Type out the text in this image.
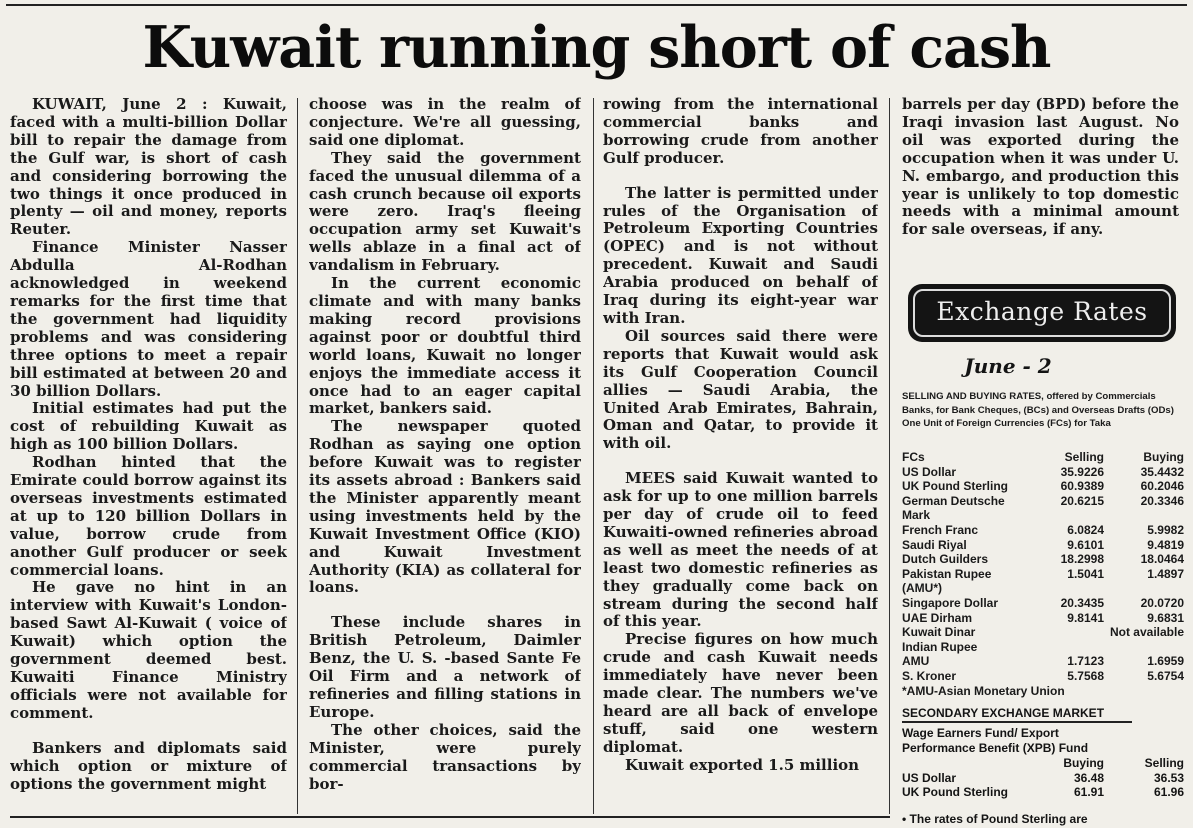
Kuwait running short of cash

KUWAIT, June 2 : Kuwait, faced with a multi-billion Dollar bill to repair the damage from the Gulf war, is short of cash and considering borrowing the two things it once produced in plenty — oil and money, reports Reuter.

Finance Minister Nasser Abdulla Al-Rodhan acknowledged in weekend remarks for the first time that the government had liquidity problems and was considering three options to meet a repair bill estimated at between 20 and 30 billion Dollars.

Initial estimates had put the cost of rebuilding Kuwait as high as 100 billion Dollars.

Rodhan hinted that the Emirate could borrow against its overseas investments estimated at up to 120 billion Dollars in value, borrow crude from another Gulf producer or seek commercial loans.

He gave no hint in an interview with Kuwait's London-based Sawt Al-Kuwait ( voice of Kuwait) which option the government deemed best. Kuwaiti Finance Ministry officials were not available for comment.

Bankers and diplomats said which option or mixture of options the government might

choose was in the realm of conjecture. We're all guessing, said one diplomat.

They said the government faced the unusual dilemma of a cash crunch because oil exports were zero. Iraq's fleeing occupation army set Kuwait's wells ablaze in a final act of vandalism in February.

In the current economic climate and with many banks making record provisions against poor or doubtful third world loans, Kuwait no longer enjoys the immediate access it once had to an eager capital market, bankers said.

The newspaper quoted Rodhan as saying one option before Kuwait was to register its assets abroad : Bankers said the Minister apparently meant using investments held by the Kuwait Investment Office (KIO) and Kuwait Investment Authority (KIA) as collateral for loans.

These include shares in British Petroleum, Daimler Benz, the U. S. -based Sante Fe Oil Firm and a network of refineries and filling stations in Europe.

The other choices, said the Minister, were purely commercial transactions by bor-

rowing from the international commercial banks and borrowing crude from another Gulf producer.

The latter is permitted under rules of the Organisation of Petroleum Exporting Countries (OPEC) and is not without precedent. Kuwait and Saudi Arabia produced on behalf of Iraq during its eight-year war with Iran.

Oil sources said there were reports that Kuwait would ask its Gulf Cooperation Council allies — Saudi Arabia, the United Arab Emirates, Bahrain, Oman and Qatar, to provide it with oil.

MEES said Kuwait wanted to ask for up to one million barrels per day of crude oil to feed Kuwaiti-owned refineries abroad as well as meet the needs of at least two domestic refineries as they gradually come back on stream during the second half of this year.

Precise figures on how much crude and cash Kuwait needs immediately have never been made clear. The numbers we've heard are all back of envelope stuff, said one western diplomat.

Kuwait exported 1.5 million

barrels per day (BPD) before the Iraqi invasion last August. No oil was exported during the occupation when it was under U. N. embargo, and production this year is unlikely to top domestic needs with a minimal amount for sale overseas, if any.

Exchange Rates
June - 2
SELLING AND BUYING RATES, offered by Commercials Banks, for Bank Cheques, (BCs) and Overseas Drafts (ODs)
One Unit of Foreign Currencies (FCs) for Taka
FCs	Selling	Buying
US Dollar	35.9226	35.4432
UK Pound Sterling	60.9389	60.2046
German Deutsche Mark	20.6215	20.3346
French Franc	6.0824	5.9982
Saudi Riyal	9.6101	9.4819
Dutch Guilders	18.2998	18.0464
Pakistan Rupee (AMU*)	1.5041	1.4897
Singapore Dollar	20.3435	20.0720
UAE Dirham	9.8141	9.6831
Kuwait Dinar		Not available
Indian Rupee		
AMU	1.7123	1.6959
S. Kroner	5.7568	5.6754
*AMU-Asian Monetary Union		
SECONDARY EXCHANGE MARKET
Wage Earners Fund/ Export
Performance Benefit (XPB) Fund
	Buying	Selling
US Dollar	36.48	36.53
UK Pound Sterling	61.91	61.96
• The rates of Pound Sterling are
